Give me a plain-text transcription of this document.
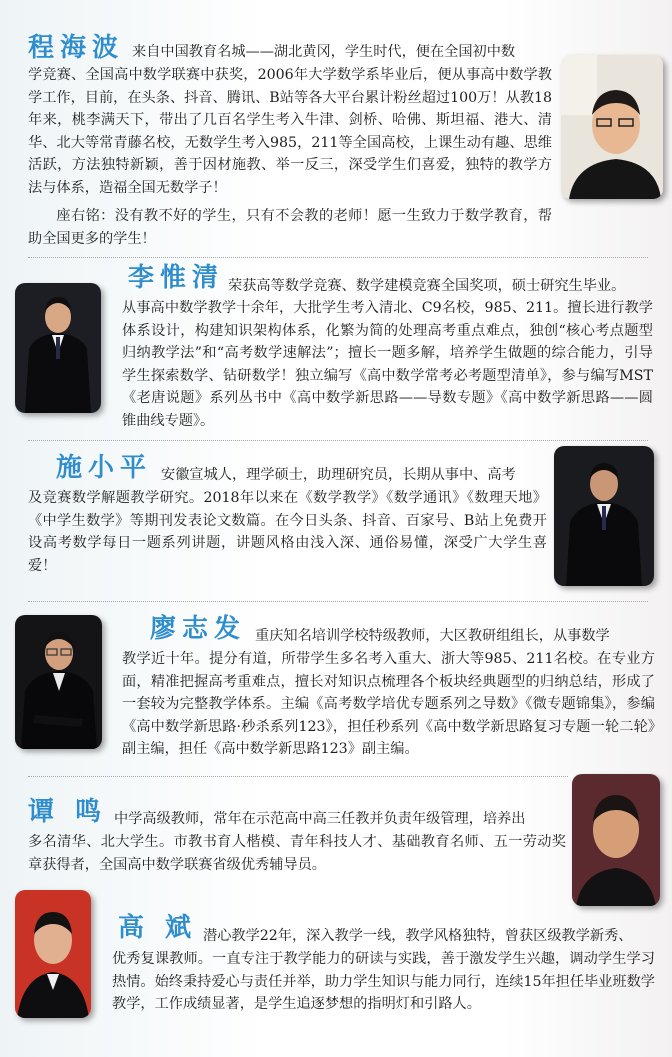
程海波 来自中国教育名城——湖北黄冈，学生时代，便在全国初中数
学竞赛、全国高中数学联赛中获奖，2006年大学数学系毕业后，便从事高中数学教学工作，目前，在头条、抖音、腾讯、B站等各大平台累计粉丝超过100万！从教18年来，桃李满天下，带出了几百名学生考入牛津、剑桥、哈佛、斯坦福、港大、清华、北大等常青藤名校，无数学生考入985，211等全国高校，上课生动有趣、思维活跃，方法独特新颖，善于因材施教、举一反三，深受学生们喜爱，独特的教学方法与体系，造福全国无数学子！
座右铭：没有教不好的学生，只有不会教的老师！愿一生致力于数学教育，帮助全国更多的学生！
李惟清 荣获高等数学竞赛、数学建模竞赛全国奖项，硕士研究生毕业。
从事高中数学教学十余年，大批学生考入清北、C9名校，985、211。擅长进行教学体系设计，构建知识架构体系，化繁为简的处理高考重点难点，独创“核心考点题型归纳教学法”和“高考数学速解法”；擅长一题多解，培养学生做题的综合能力，引导学生探索数学、钻研数学！独立编写《高中数学常考必考题型清单》，参与编写MST《老唐说题》系列丛书中《高中数学新思路——导数专题》《高中数学新思路——圆锥曲线专题》。
施小平 安徽宣城人，理学硕士，助理研究员，长期从事中、高考
及竞赛数学解题教学研究。2018年以来在《数学教学》《数学通讯》《数理天地》《中学生数学》等期刊发表论文数篇。在今日头条、抖音、百家号、B站上免费开设高考数学每日一题系列讲题，讲题风格由浅入深、通俗易懂，深受广大学生喜爱！
廖志发 重庆知名培训学校特级教师，大区教研组组长，从事数学
教学近十年。提分有道，所带学生多名考入重大、浙大等985、211名校。在专业方面，精准把握高考重难点，擅长对知识点梳理各个板块经典题型的归纳总结，形成了一套较为完整教学体系。主编《高考数学培优专题系列之导数》《微专题锦集》，参编《高中数学新思路·秒杀系列123》，担任秒系列《高中数学新思路复习专题一轮二轮》副主编，担任《高中数学新思路123》副主编。
谭 鸣 中学高级教师，常年在示范高中高三任教并负责年级管理，培养出
多名清华、北大学生。市教书育人楷模、青年科技人才、基础教育名师、五一劳动奖章获得者，全国高中数学联赛省级优秀辅导员。
高 斌 潜心教学22年，深入教学一线，教学风格独特，曾获区级教学新秀、
优秀复课教师。一直专注于教学能力的研读与实践，善于激发学生兴趣，调动学生学习热情。始终秉持爱心与责任并举，助力学生知识与能力同行，连续15年担任毕业班数学教学，工作成绩显著，是学生追逐梦想的指明灯和引路人。
